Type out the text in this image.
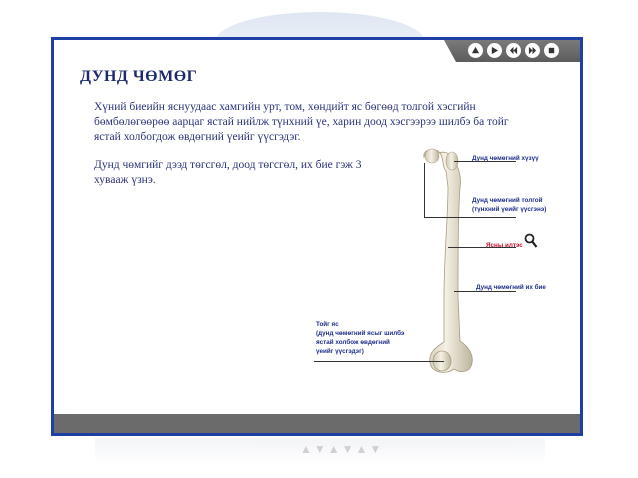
▲▼▲▼▲▼
ДУНД ЧӨМӨГ

Хүний биеийн яснуудаас хамгийн урт, том, хөндийт яс бөгөөд толгой хэсгийн бөмбөлөгөөрөө аарцаг ястай нийлж түнхний үе, харин доод хэсгээрээ шилбэ ба тойг ястай холбогдож өвдөгний үеийг үүсгэдэг.

Дунд чөмгийг дээд төгсгөл, доод төгсгөл, их бие гэж 3 хувааж үзнэ.

Дунд чөмөгний хүзүү

Дунд чөмөгний толгой

(түнхний үеийг үүсгэнэ)

Ясны илтэс

Дунд чөмөгний их бие

Тойг яс

(дунд чөмөгний ясыг шилбэ

ястай холбож өвдөгний

үеийг үүсгэдэг)
